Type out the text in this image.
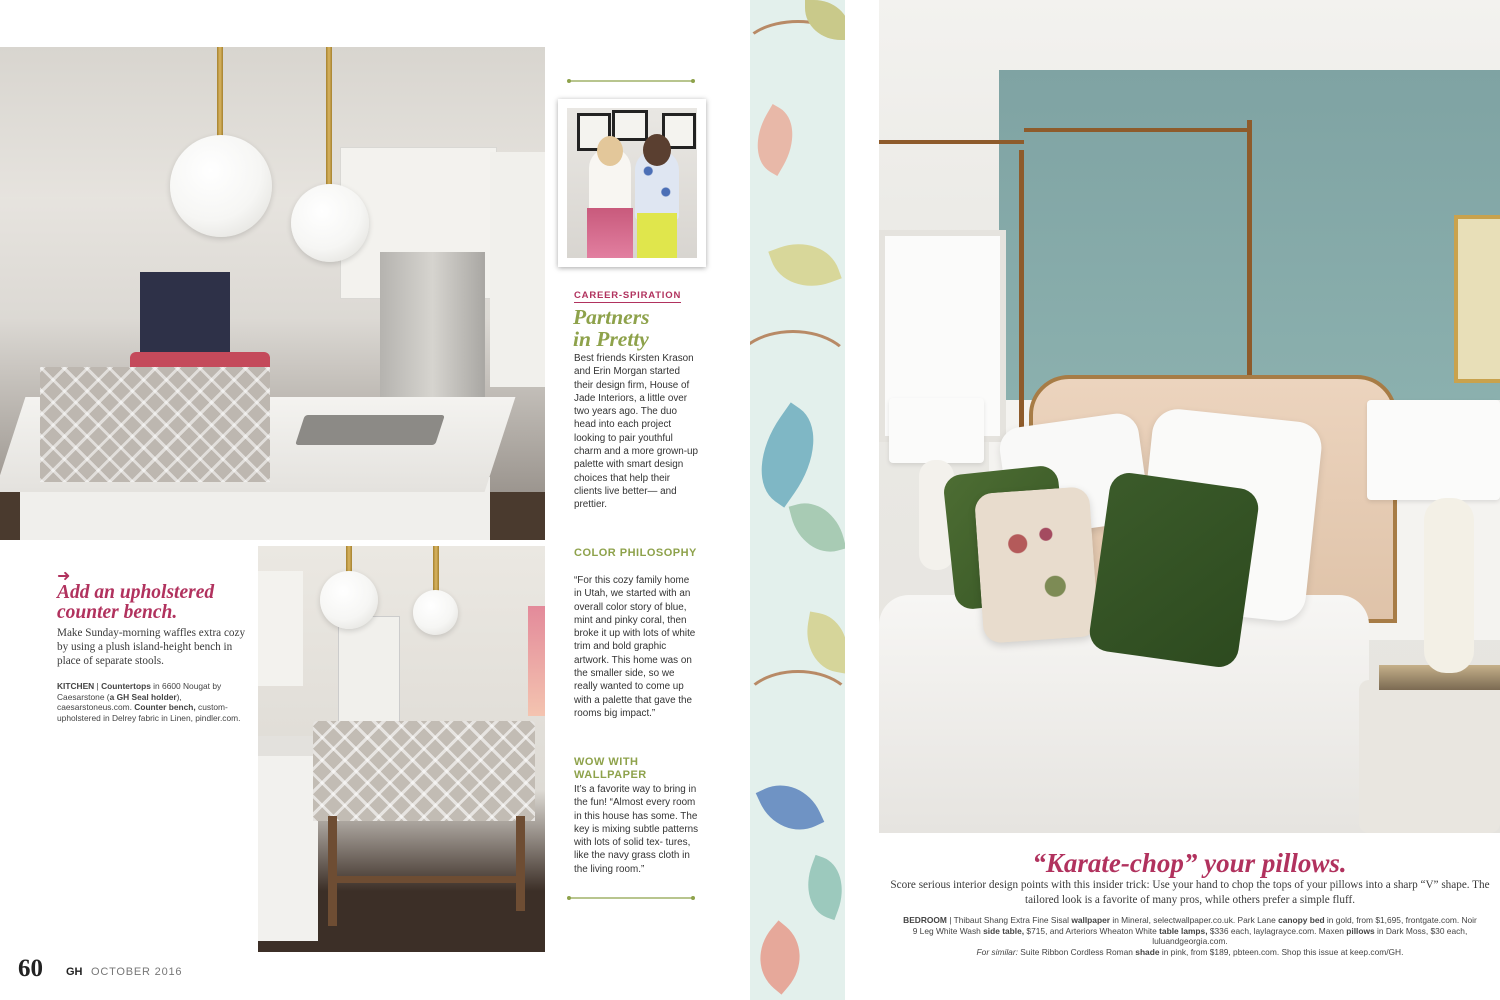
➜
Add an upholstered
counter bench.
Make Sunday-morning waffles extra cozy by using a plush island-height bench in place of separate stools.
KITCHEN | Countertops in 6600 Nougat by Caesarstone (a GH Seal holder), caesarstoneus.com. Counter bench, custom-upholstered in Delrey fabric in Linen, pindler.com.
CAREER-SPIRATION
Partners
in Pretty
Best friends Kirsten Krason and Erin Morgan started their design firm, House of Jade Interiors, a little over two years ago. The duo head into each project looking to pair youthful charm and a more grown-up palette with smart design choices that help their clients live better— and prettier.
COLOR PHILOSOPHY
“For this cozy family home in Utah, we started with an overall color story of blue, mint and pinky coral, then broke it up with lots of white trim and bold graphic artwork. This home was on the smaller side, so we really wanted to come up with a palette that gave the rooms big impact.”
WOW WITH WALLPAPER
It’s a favorite way to bring in the fun! “Almost every room in this house has some. The key is mixing subtle patterns with lots of solid tex- tures, like the navy grass cloth in the living room.”	“Karate-chop” your pillows.
Score serious interior design points with this insider trick: Use your hand to chop the tops of your pillows into a sharp “V” shape. The tailored look is a favorite of many pros, while others prefer a simple fluff.
BEDROOM | Thibaut Shang Extra Fine Sisal wallpaper in Mineral, selectwallpaper.co.uk. Park Lane canopy bed in gold, from $1,695, frontgate.com. Noir 9 Leg White Wash side table, $715, and Arteriors Wheaton White table lamps, $336 each, laylagrayce.com. Maxen pillows in Dark Moss, $30 each, luluandgeorgia.com.
For similar: Suite Ribbon Cordless Roman shade in pink, from $189, pbteen.com. Shop this issue at keep.com/GH.
60 GH OCTOBER 2016
